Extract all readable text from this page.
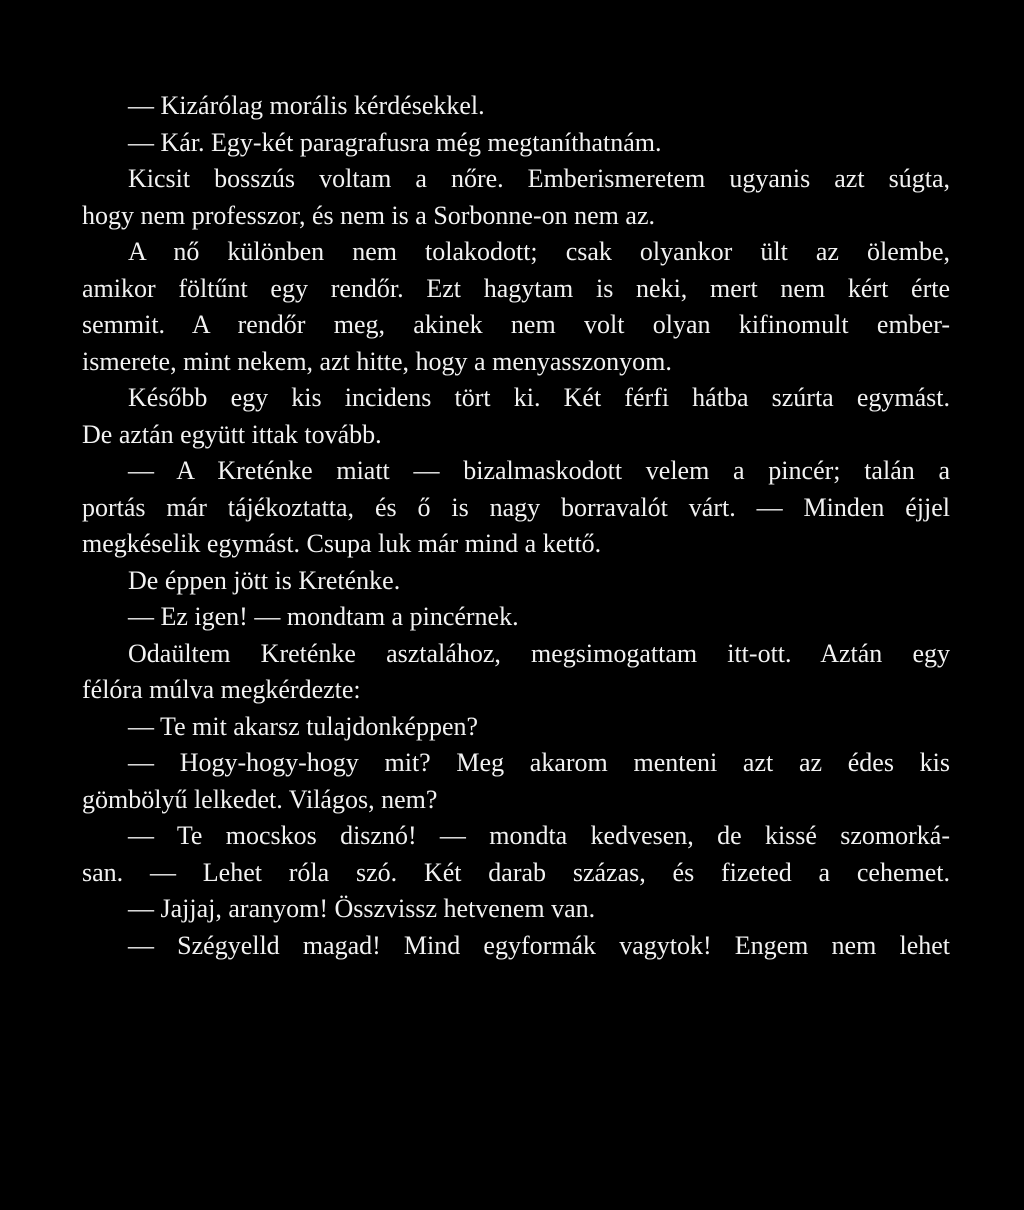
— Kizárólag morális kérdésekkel.
— Kár. Egy-két paragrafusra még megtaníthatnám.
Kicsit bosszús voltam a nőre. Emberismeretem ugyanis azt súgta,
hogy nem professzor, és nem is a Sorbonne-on nem az.
A nő különben nem tolakodott; csak olyankor ült az ölembe,
amikor föltűnt egy rendőr. Ezt hagytam is neki, mert nem kért érte
semmit. A rendőr meg, akinek nem volt olyan kifinomult ember-
ismerete, mint nekem, azt hitte, hogy a menyasszonyom.
Később egy kis incidens tört ki. Két férfi hátba szúrta egymást.
De aztán együtt ittak tovább.
— A Kreténke miatt — bizalmaskodott velem a pincér; talán a
portás már tájékoztatta, és ő is nagy borravalót várt. — Minden éjjel
megkéselik egymást. Csupa luk már mind a kettő.
De éppen jött is Kreténke.
— Ez igen! — mondtam a pincérnek.
Odaültem Kreténke asztalához, megsimogattam itt-ott. Aztán egy
félóra múlva megkérdezte:
— Te mit akarsz tulajdonképpen?
— Hogy-hogy-hogy mit? Meg akarom menteni azt az édes kis
gömbölyű lelkedet. Világos, nem?
— Te mocskos disznó! — mondta kedvesen, de kissé szomorká-
san. — Lehet róla szó. Két darab százas, és fizeted a cehemet.
— Jajjaj, aranyom! Összvissz hetvenem van.
— Szégyelld magad! Mind egyformák vagytok! Engem nem lehet
